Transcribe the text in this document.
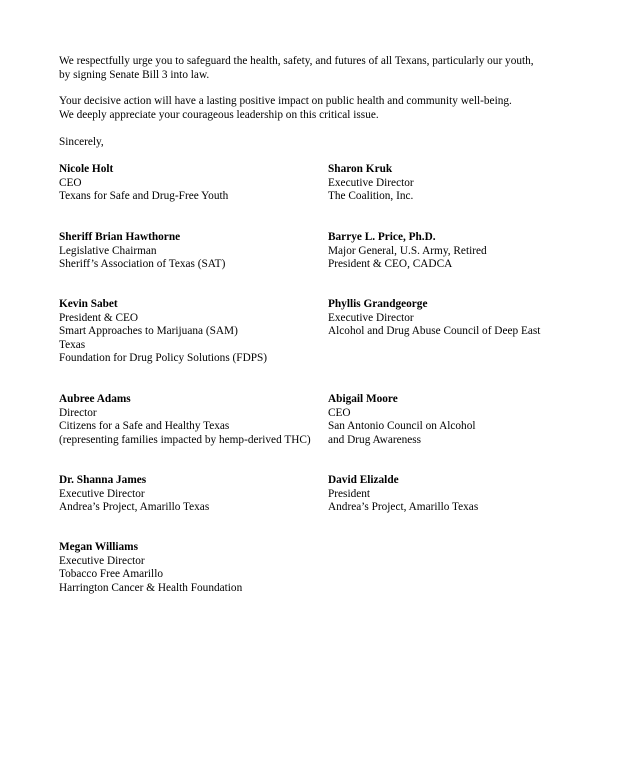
We respectfully urge you to safeguard the health, safety, and futures of all Texans, particularly our youth,
by signing Senate Bill 3 into law.

Your decisive action will have a lasting positive impact on public health and community well-being.
We deeply appreciate your courageous leadership on this critical issue.

Sincerely,

Nicole Holt
CEO
Texans for Safe and Drug-Free Youth
Sharon Kruk
Executive Director
The Coalition, Inc.
Sheriff Brian Hawthorne
Legislative Chairman
Sheriff’s Association of Texas (SAT)
Barrye L. Price, Ph.D.
Major General, U.S. Army, Retired
President & CEO, CADCA
Kevin Sabet
President & CEO
Smart Approaches to Marijuana (SAM)
Texas
Foundation for Drug Policy Solutions (FDPS)
Phyllis Grandgeorge
Executive Director
Alcohol and Drug Abuse Council of Deep East
Aubree Adams
Director
Citizens for a Safe and Healthy Texas
(representing families impacted by hemp-derived THC)
Abigail Moore
CEO
San Antonio Council on Alcohol
and Drug Awareness
Dr. Shanna James
Executive Director
Andrea’s Project, Amarillo Texas
David Elizalde
President
Andrea’s Project, Amarillo Texas
Megan Williams
Executive Director
Tobacco Free Amarillo
Harrington Cancer & Health Foundation
